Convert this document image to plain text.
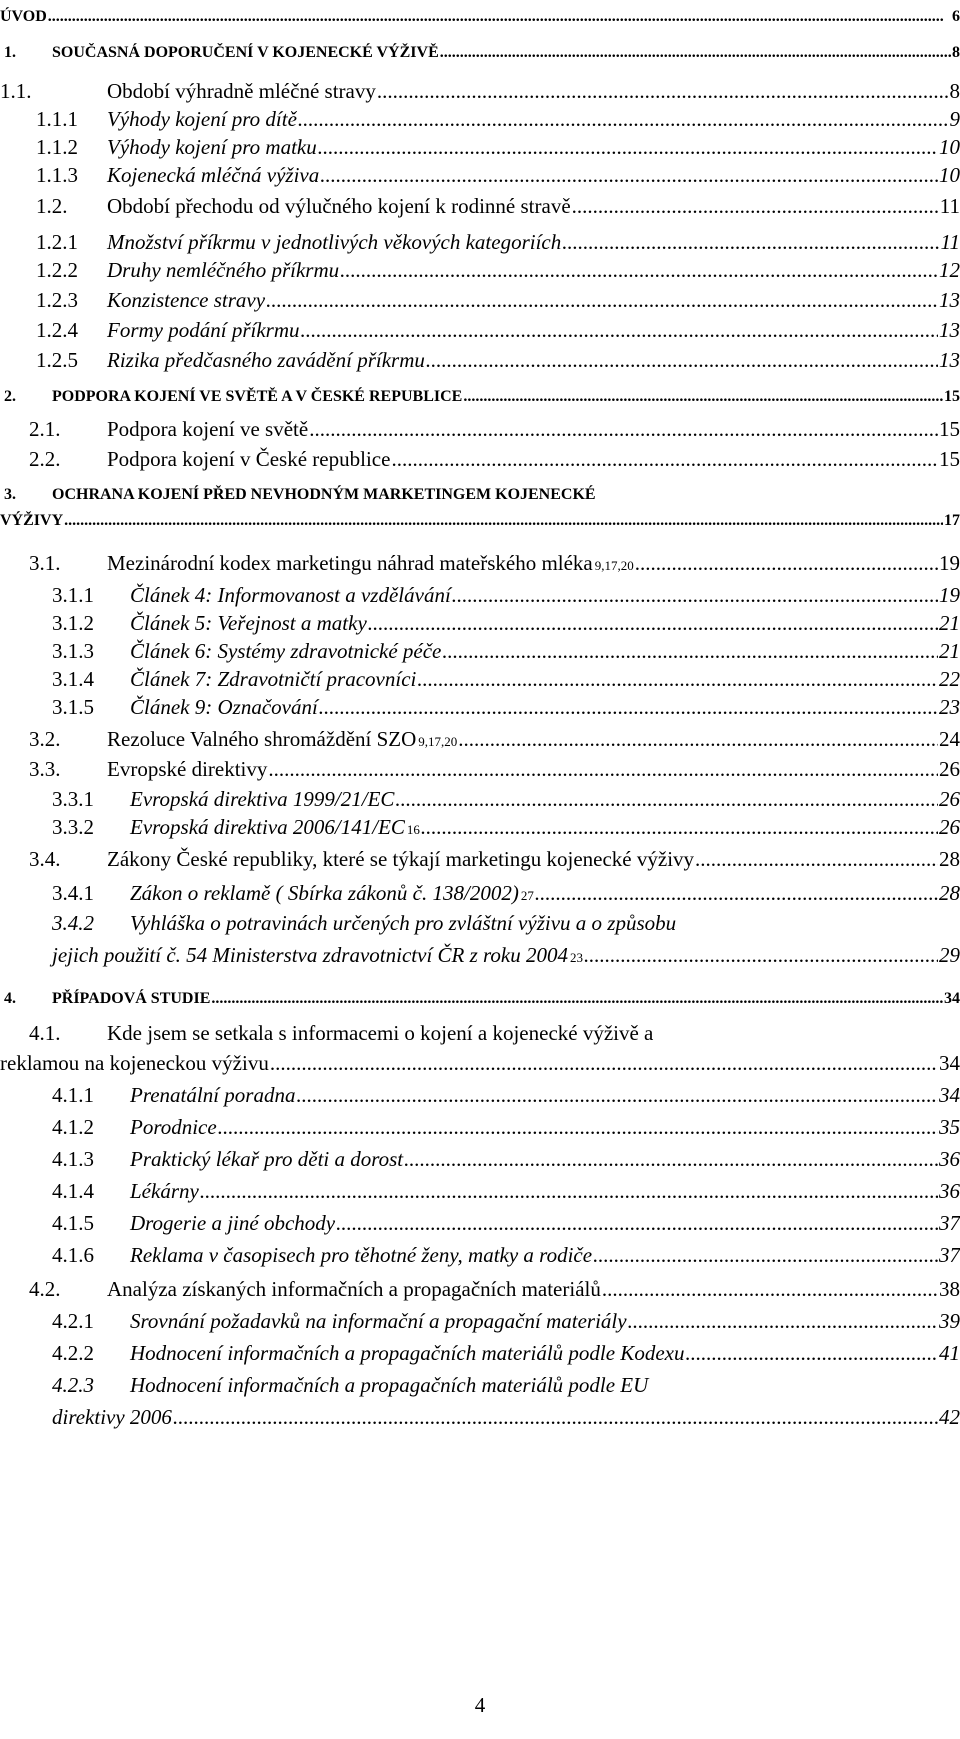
ÚVOD .....	6
1.	SOUČASNÁ DOPORUČENÍ V KOJENECKÉ VÝŽIVĚ .....	8
1.1.	Období výhradně mléčné stravy .....	8
1.1.1	Výhody kojení pro dítě .....	9
1.1.2	Výhody kojení pro matku .....	10
1.1.3	Kojenecká mléčná výživa .....	10
1.2.	Období přechodu od výlučného kojení k rodinné stravě .....	11
1.2.1	Množství příkrmu v jednotlivých věkových kategoriích .....	11
1.2.2	Druhy nemléčného příkrmu .....	12
1.2.3	Konzistence stravy .....	13
1.2.4	Formy podání příkrmu .....	13
1.2.5	Rizika předčasného zavádění příkrmu .....	13
2.	PODPORA KOJENÍ VE SVĚTĚ A V ČESKÉ REPUBLICE .....	15
2.1.	Podpora kojení ve světě .....	15
2.2.	Podpora kojení v České republice .....	15
3. OCHRANA KOJENÍ PŘED NEVHODNÝM MARKETINGEM KOJENECKÉ
VÝŽIVY .....	17
3.1.	Mezinárodní kodex marketingu náhrad mateřského mléka 9,17,20 .....	19
3.1.1	Článek 4: Informovanost a vzdělávání .....	19
3.1.2	Článek 5: Veřejnost a matky .....	21
3.1.3	Článek 6: Systémy zdravotnické péče .....	21
3.1.4	Článek 7: Zdravotničtí pracovníci .....	22
3.1.5	Článek 9: Označování .....	23
3.2.	Rezoluce Valného shromáždění SZO 9,17,20 .....	24
3.3.	Evropské direktivy .....	26
3.3.1	Evropská direktiva 1999/21/EC .....	26
3.3.2	Evropská direktiva 2006/141/EC 16 .....	26
3.4.	Zákony České republiky, které se týkají marketingu kojenecké výživy .....	28
3.4.1	Zákon o reklamě ( Sbírka zákonů č. 138/2002) 27 .....	28
3.4.2 Vyhláška o potravinách určených pro zvláštní výživu a o způsobu
jejich použití č. 54 Ministerstva zdravotnictví ČR z roku 2004 23 .....	29
4.	PŘÍPADOVÁ STUDIE .....	34
4.1. Kde jsem se setkala s informacemi o kojení a kojenecké výživě a
reklamou na kojeneckou výživu .....	34
4.1.1	Prenatální poradna .....	34
4.1.2	Porodnice .....	35
4.1.3	Praktický lékař pro děti a dorost .....	36
4.1.4	Lékárny .....	36
4.1.5	Drogerie a jiné obchody .....	37
4.1.6	Reklama v časopisech pro těhotné ženy, matky a rodiče .....	37
4.2.	Analýza získaných informačních a propagačních materiálů .....	38
4.2.1	Srovnání požadavků na informační a propagační materiály .....	39
4.2.2	Hodnocení informačních a propagačních materiálů podle Kodexu .....	41
4.2.3 Hodnocení informačních a propagačních materiálů podle EU
direktivy 2006 .....	42
4
